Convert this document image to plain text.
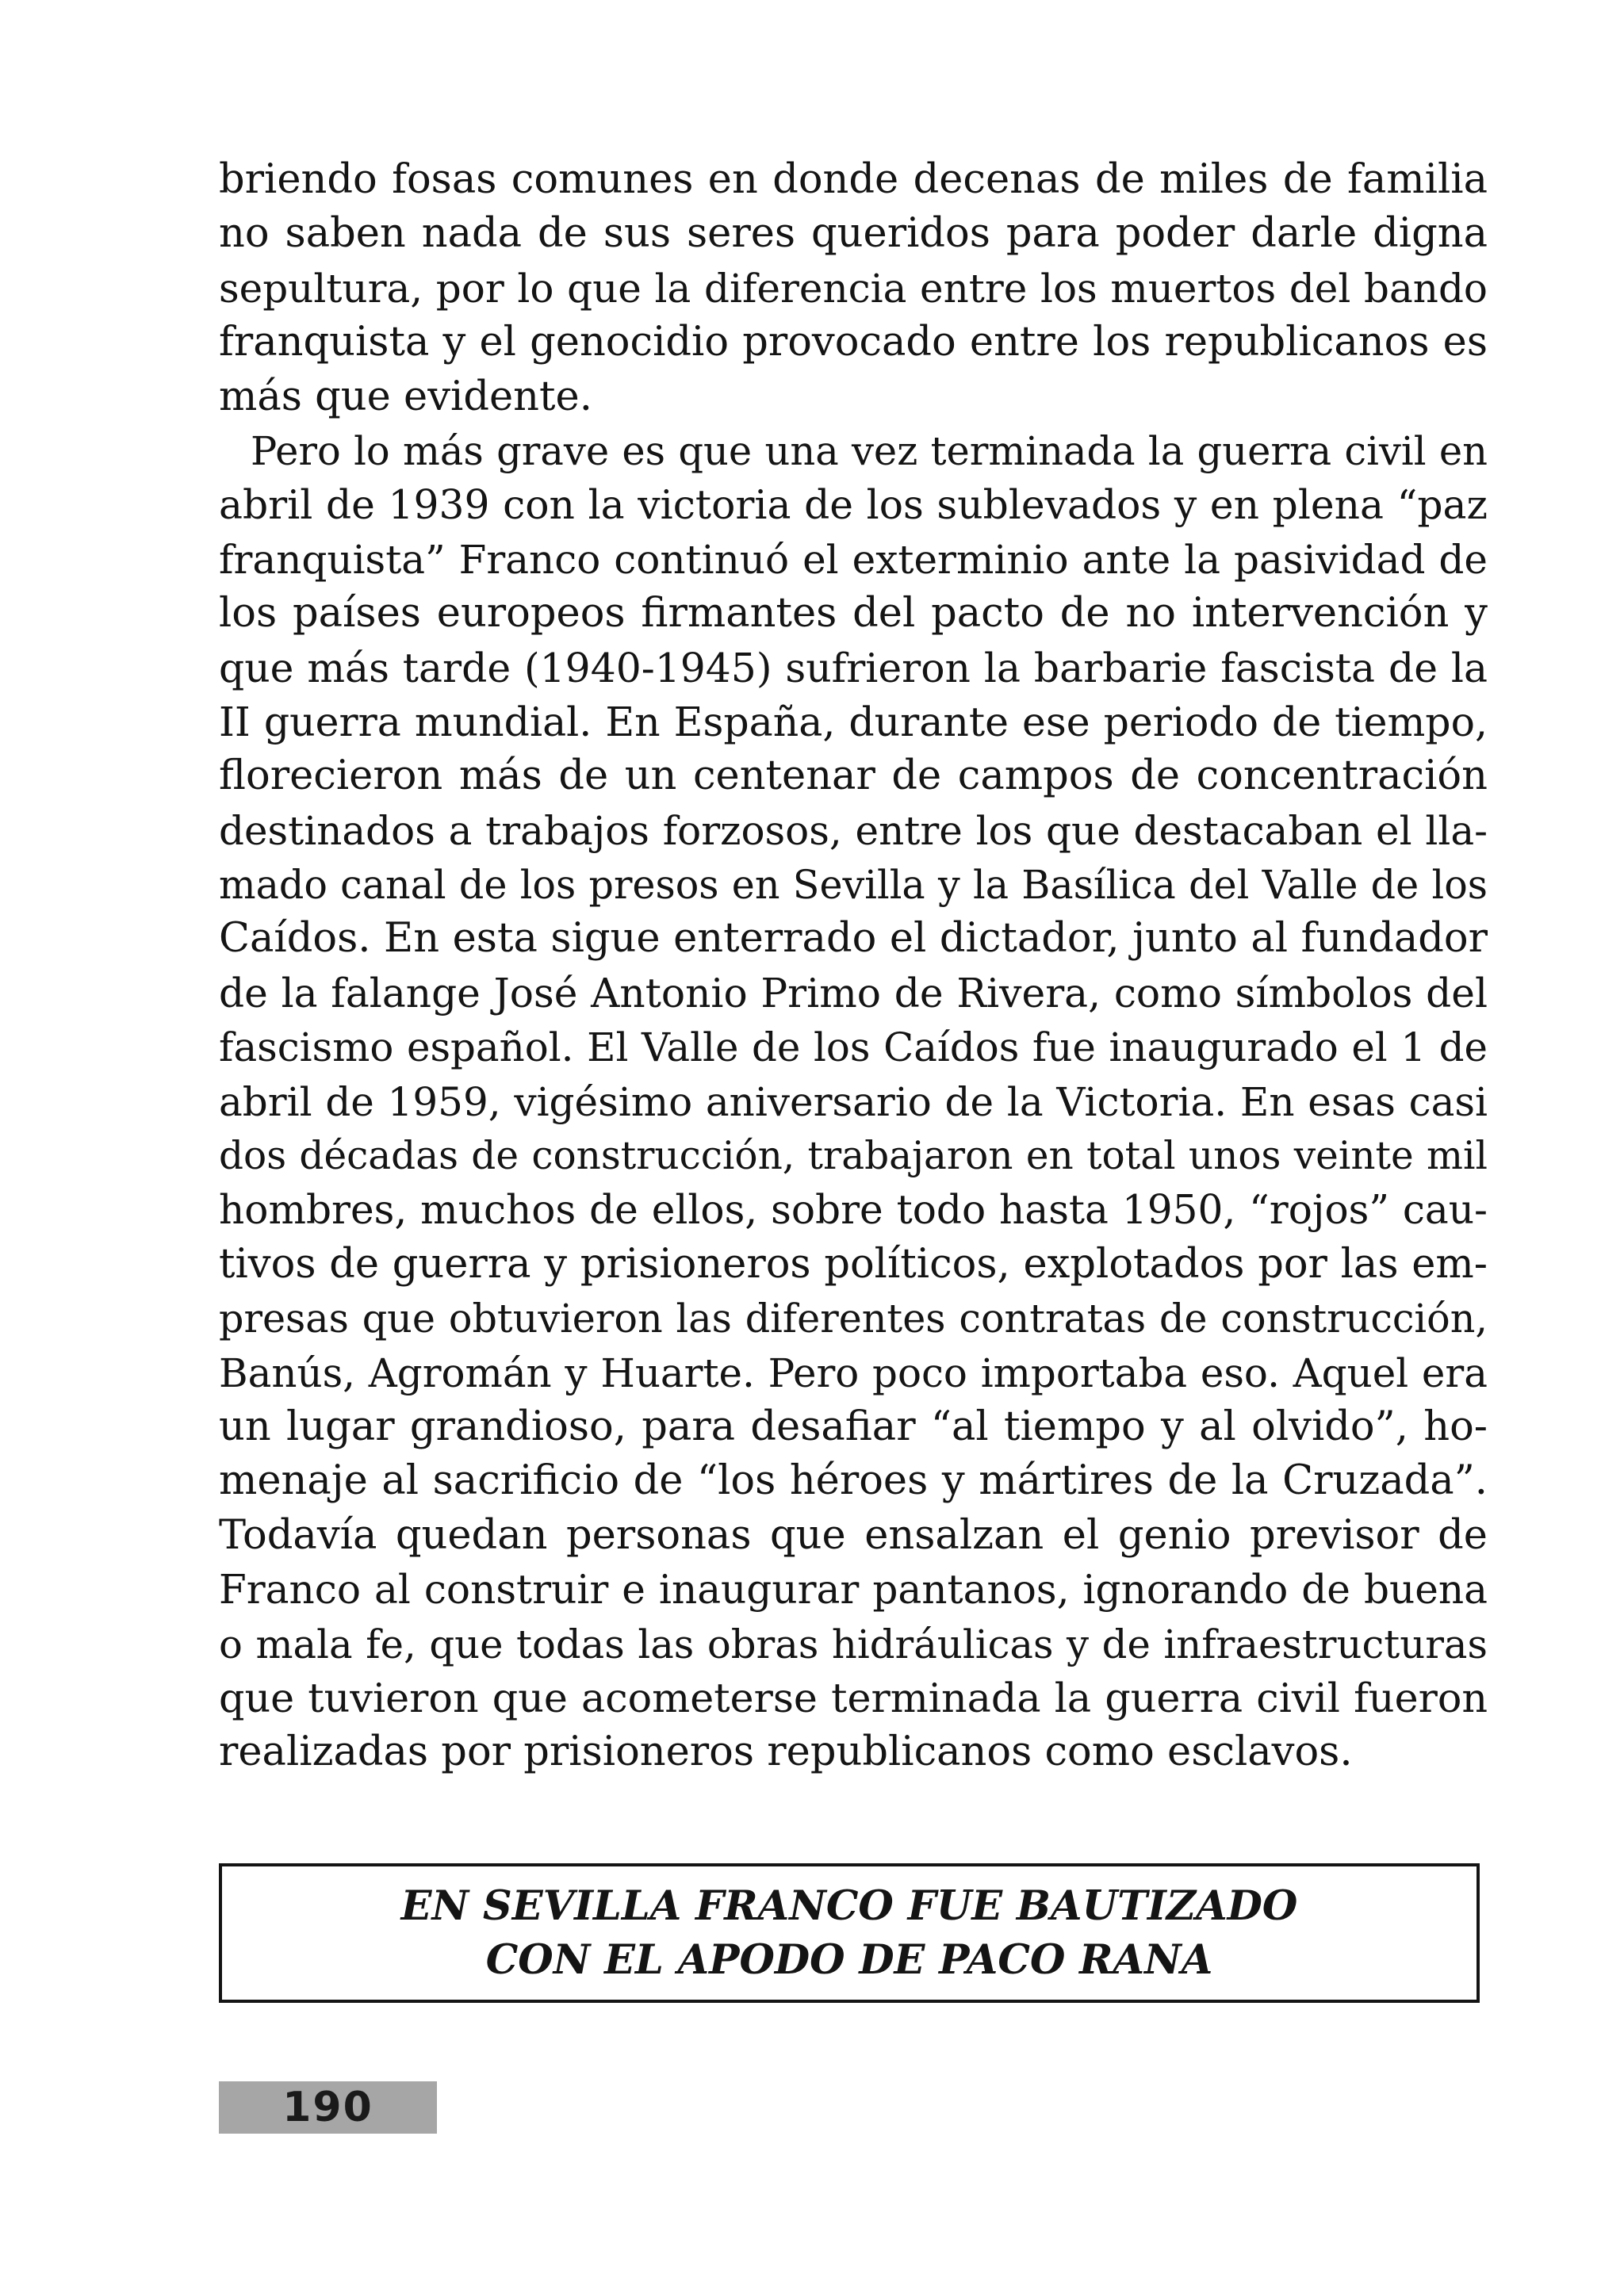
briendo fosas comunes en donde decenas de miles de familia
no saben nada de sus seres queridos para poder darle digna
sepultura, por lo que la diferencia entre los muertos del bando
franquista y el genocidio provocado entre los republicanos es
más que evidente.
Pero lo más grave es que una vez terminada la guerra civil en
abril de 1939 con la victoria de los sublevados y en plena “paz
franquista” Franco continuó el exterminio ante la pasividad de
los países europeos firmantes del pacto de no intervención y
que más tarde (1940-1945) sufrieron la barbarie fascista de la
II guerra mundial. En España, durante ese periodo de tiempo,
florecieron más de un centenar de campos de concentración
destinados a trabajos forzosos, entre los que destacaban el lla-
mado canal de los presos en Sevilla y la Basílica del Valle de los
Caídos. En esta sigue enterrado el dictador, junto al fundador
de la falange José Antonio Primo de Rivera, como símbolos del
fascismo español. El Valle de los Caídos fue inaugurado el 1 de
abril de 1959, vigésimo aniversario de la Victoria. En esas casi
dos décadas de construcción, trabajaron en total unos veinte mil
hombres, muchos de ellos, sobre todo hasta 1950, “rojos” cau-
tivos de guerra y prisioneros políticos, explotados por las em-
presas que obtuvieron las diferentes contratas de construcción,
Banús, Agromán y Huarte. Pero poco importaba eso. Aquel era
un lugar grandioso, para desafiar “al tiempo y al olvido”, ho-
menaje al sacrificio de “los héroes y mártires de la Cruzada”.
Todavía quedan personas que ensalzan el genio previsor de
Franco al construir e inaugurar pantanos, ignorando de buena
o mala fe, que todas las obras hidráulicas y de infraestructuras
que tuvieron que acometerse terminada la guerra civil fueron
realizadas por prisioneros republicanos como esclavos.
EN SEVILLA FRANCO FUE BAUTIZADO
CON EL APODO DE PACO RANA
190
